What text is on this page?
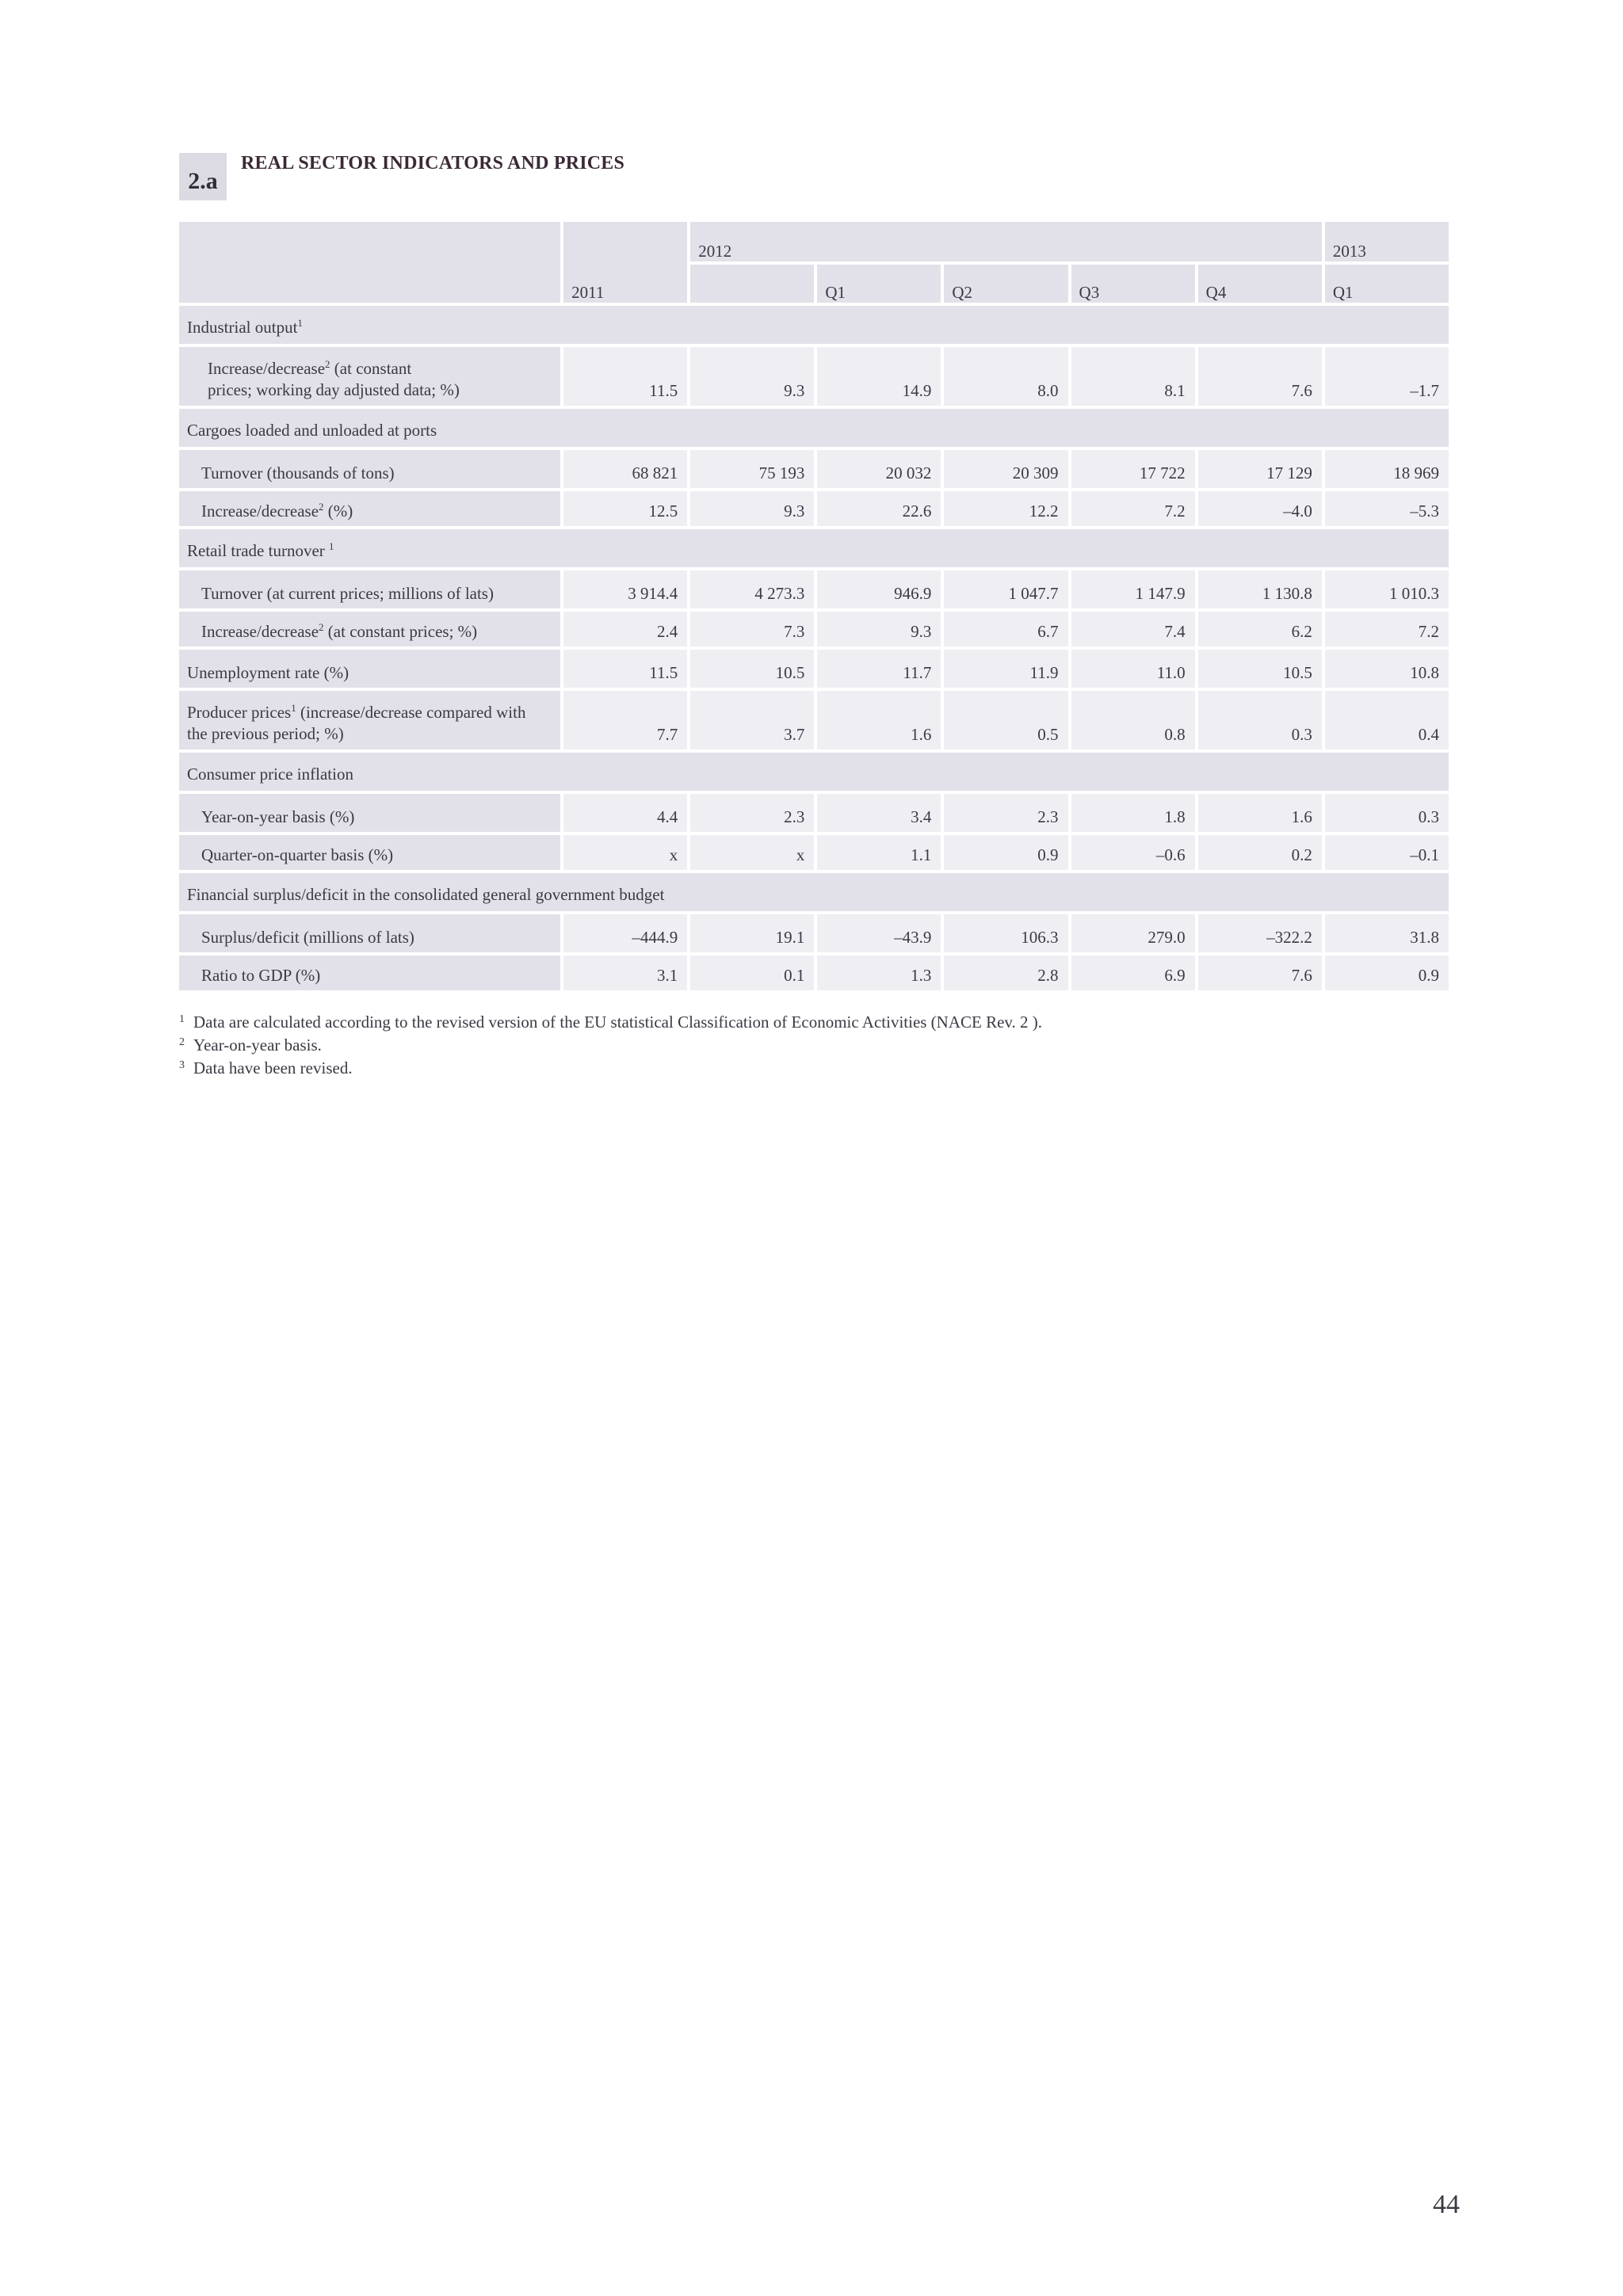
2.a
REAL SECTOR INDICATORS AND PRICES
	2011	2012					2013
			Q1	Q2	Q3	Q4	Q1
Industrial output$^1$
Increase/decrease$^2$ (at constant
prices; working day adjusted data; %)	11.5	9.3	14.9	8.0	8.1	7.6	–1.7
Cargoes loaded and unloaded at ports							
Turnover (thousands of tons)	68 821	75 193	20 032	20 309	17 722	17 129	18 969
Increase/decrease$^2$ (%)	12.5	9.3	22.6	12.2	7.2	–4.0	–5.3
Retail trade turnover $^1$
Turnover (at current prices; millions of lats)	3 914.4	4 273.3	946.9	1 047.7	1 147.9	1 130.8	1 010.3
Increase/decrease$^2$ (at constant prices; %)	2.4	7.3	9.3	6.7	7.4	6.2	7.2
Unemployment rate (%)	11.5	10.5	11.7	11.9	11.0	10.5	10.8
Producer prices$^1$ (increase/decrease compared with
the previous period; %)	7.7	3.7	1.6	0.5	0.8	0.3	0.4
Consumer price inflation							
Year-on-year basis (%)	4.4	2.3	3.4	2.3	1.8	1.6	0.3
Quarter-on-quarter basis (%)	x	x	1.1	0.9	–0.6	0.2	–0.1
Financial surplus/deficit in the consolidated general government budget							
Surplus/deficit (millions of lats)	–444.9	19.1	–43.9	106.3	279.0	–322.2	31.8
Ratio to GDP (%)	3.1	0.1	1.3	2.8	6.9	7.6	0.9
1 Data are calculated according to the revised version of the EU statistical Classification of Economic Activities (NACE Rev. 2 ).
2 Year-on-year basis.
3 Data have been revised.
44
